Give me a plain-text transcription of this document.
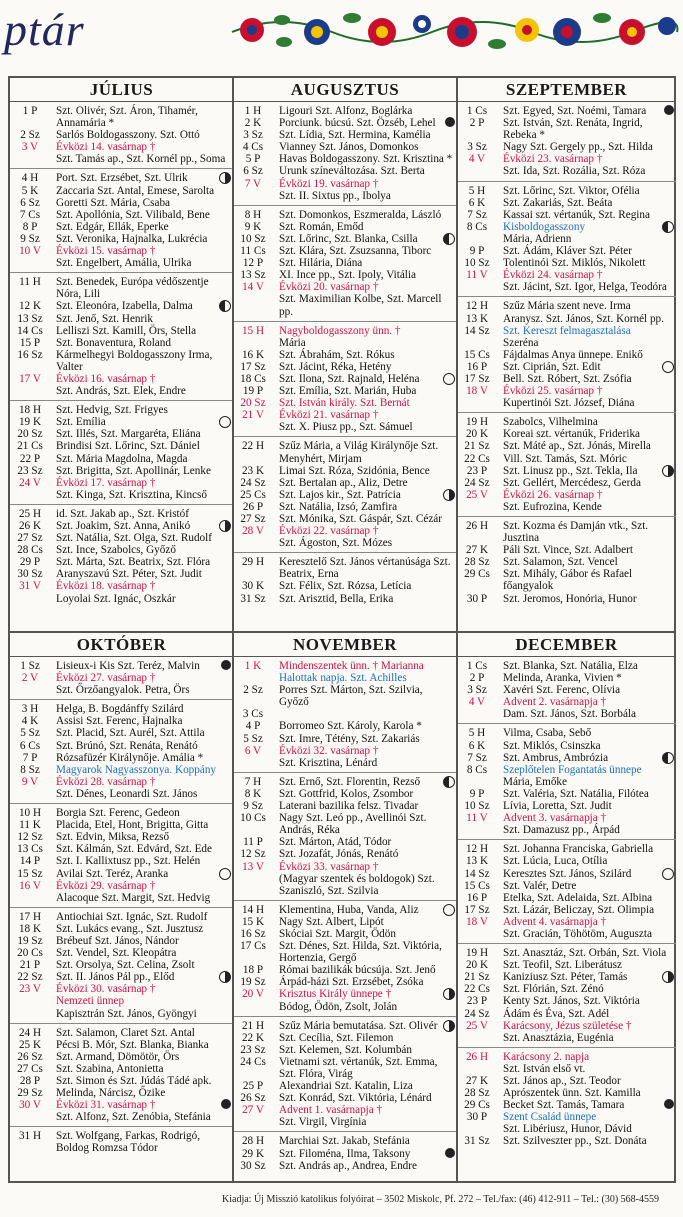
ptár
JÚLIUS
1 P	Szt. Olivér, Szt. Áron, Tihamér, Annamária *
2 Sz	Sarlós Boldogasszony. Szt. Ottó
3 V	Évközi 14. vasárnap †
Szt. Tamás ap., Szt. Kornél pp., Soma
4 H	Port. Szt. Erzsébet, Szt. Ulrik
5 K	Zaccaria Szt. Antal, Emese, Sarolta
6 Sz	Goretti Szt. Mária, Csaba
7 Cs	Szt. Apollónia, Szt. Vilibald, Bene
8 P	Szt. Edgár, Ellák, Eperke
9 Sz	Szt. Veronika, Hajnalka, Lukrécia
10 V	Évközi 15. vasárnap †
Szt. Engelbert, Amália, Ulrika
11 H	Szt. Benedek, Európa védőszentje Nóra, Lili
12 K	Szt. Eleonóra, Izabella, Dalma
13 Sz	Szt. Jenő, Szt. Henrik
14 Cs	Lelliszi Szt. Kamill, Örs, Stella
15 P	Szt. Bonaventura, Roland
16 Sz	Kármelhegyi Boldogasszony Irma, Valter
17 V	Évközi 16. vasárnap †
Szt. András, Szt. Elek, Endre
18 H	Szt. Hedvig, Szt. Frigyes
19 K	Szt. Emília
20 Sz	Szt. Illés, Szt. Margaréta, Eliána
21 Cs	Brindisi Szt. Lőrinc, Szt. Dániel
22 P	Szt. Mária Magdolna, Magda
23 Sz	Szt. Brigitta, Szt. Apollinár, Lenke
24 V	Évközi 17. vasárnap †
Szt. Kinga, Szt. Krisztina, Kincső
25 H	id. Szt. Jakab ap., Szt. Kristóf
26 K	Szt. Joakim, Szt. Anna, Anikó
27 Sz	Szt. Natália, Szt. Olga, Szt. Rudolf
28 Cs	Szt. Ince, Szabolcs, Győző
29 P	Szt. Márta, Szt. Beatrix, Szt. Flóra
30 Sz	Aranyszavú Szt. Péter, Szt. Judit
31 V	Évközi 18. vasárnap †
Loyolai Szt. Ignác, Oszkár
AUGUSZTUS
1 H	Ligouri Szt. Alfonz, Boglárka
2 K	Porciunk. búcsú. Szt. Özséb, Lehel
3 Sz	Szt. Lídia, Szt. Hermina, Kamélia
4 Cs	Vianney Szt. János, Domonkos
5 P	Havas Boldogasszony. Szt. Krisztina *
6 Sz	Urunk színeváltozása. Szt. Berta
7 V	Évközi 19. vasárnap †
Szt. II. Sixtus pp., Ibolya
8 H	Szt. Domonkos, Eszmeralda, László
9 K	Szt. Román, Emőd
10 Sz	Szt. Lőrinc, Szt. Blanka, Csilla
11 Cs	Szt. Klára, Szt. Zsuzsanna, Tiborc
12 P	Szt. Hilária, Diána
13 Sz	XI. Ince pp., Szt. Ipoly, Vitália
14 V	Évközi 20. vasárnap †
Szt. Maximilian Kolbe, Szt. Marcell pp.
15 H	Nagyboldogasszony ünn. †
Mária
16 K	Szt. Ábrahám, Szt. Rókus
17 Sz	Szt. Jácint, Réka, Hetény
18 Cs	Szt. Ilona, Szt. Rajnald, Heléna
19 P	Szt. Emília, Szt. Marián, Huba
20 Sz	Szt. István király. Szt. Bernát
21 V	Évközi 21. vasárnap †
Szt. X. Piusz pp., Szt. Sámuel
22 H	Szűz Mária, a Világ Királynője Szt. Menyhért, Mirjam
23 K	Limai Szt. Róza, Szidónia, Bence
24 Sz	Szt. Bertalan ap., Aliz, Detre
25 Cs	Szt. Lajos kir., Szt. Patrícia
26 P	Szt. Natália, Izsó, Zamfira
27 Sz	Szt. Mónika, Szt. Gáspár, Szt. Cézár
28 V	Évközi 22. vasárnap †
Szt. Ágoston, Szt. Mózes
29 H	Keresztelő Szt. János vértanúsága Szt. Beatrix, Erna
30 K	Szt. Félix, Szt. Rózsa, Letícia
31 Sz	Szt. Arisztid, Bella, Erika
SZEPTEMBER
1 Cs	Szt. Egyed, Szt. Noémi, Tamara
2 P	Szt. István, Szt. Renáta, Ingrid, Rebeka *
3 Sz	Nagy Szt. Gergely pp., Szt. Hilda
4 V	Évközi 23. vasárnap †
Szt. Ida, Szt. Rozália, Szt. Róza
5 H	Szt. Lőrinc, Szt. Viktor, Ofélia
6 K	Szt. Zakariás, Szt. Beáta
7 Sz	Kassai szt. vértanúk, Szt. Regina
8 Cs	Kisboldogasszony
Mária, Adrienn
9 P	Szt. Ádám, Kláver Szt. Péter
10 Sz	Tolentinói Szt. Miklós, Nikolett
11 V	Évközi 24. vasárnap †
Szt. Jácint, Szt. Igor, Helga, Teodóra
12 H	Szűz Mária szent neve. Irma
13 K	Aranysz. Szt. János, Szt. Kornél pp.
14 Sz	Szt. Kereszt felmagasztalása
Szeréna
15 Cs	Fájdalmas Anya ünnepe. Enikő
16 P	Szt. Ciprián, Szt. Edit
17 Sz	Bell. Szt. Róbert, Szt. Zsófia
18 V	Évközi 25. vasárnap †
Kupertinói Szt. József, Diána
19 H	Szabolcs, Vilhelmina
20 K	Koreai szt. vértanúk, Friderika
21 Sz	Szt. Máté ap., Szt. Jónás, Mirella
22 Cs	Vill. Szt. Tamás, Szt. Móric
23 P	Szt. Linusz pp., Szt. Tekla, Ila
24 Sz	Szt. Gellért, Mercédesz, Gerda
25 V	Évközi 26. vasárnap †
Szt. Eufrozina, Kende
26 H	Szt. Kozma és Damján vtk., Szt. Jusztina
27 K	Páli Szt. Vince, Szt. Adalbert
28 Sz	Szt. Salamon, Szt. Vencel
29 Cs	Szt. Mihály, Gábor és Rafael főangyalok
30 P	Szt. Jeromos, Honória, Hunor
OKTÓBER
1 Sz	Lisieux-i Kis Szt. Teréz, Malvin
2 V	Évközi 27. vasárnap †
Szt. Őrzőangyalok. Petra, Örs
3 H	Helga, B. Bogdánffy Szilárd
4 K	Assisi Szt. Ferenc, Hajnalka
5 Sz	Szt. Placid, Szt. Aurél, Szt. Attila
6 Cs	Szt. Brúnó, Szt. Renáta, Renátó
7 P	Rózsafüzér Királynője. Amália *
8 Sz	Magyarok Nagyasszonya. Koppány
9 V	Évközi 28. vasárnap †
Szt. Dénes, Leonardi Szt. János
10 H	Borgia Szt. Ferenc, Gedeon
11 K	Placida, Etel, Hont, Brigitta, Gitta
12 Sz	Szt. Edvin, Miksa, Rezső
13 Cs	Szt. Kálmán, Szt. Edvárd, Szt. Ede
14 P	Szt. I. Kallixtusz pp., Szt. Helén
15 Sz	Avilai Szt. Teréz, Aranka
16 V	Évközi 29. vasárnap †
Alacoque Szt. Margit, Szt. Hedvig
17 H	Antiochiai Szt. Ignác, Szt. Rudolf
18 K	Szt. Lukács evang., Szt. Jusztusz
19 Sz	Brébeuf Szt. János, Nándor
20 Cs	Szt. Vendel, Szt. Kleopátra
21 P	Szt. Orsolya, Szt. Celina, Zsolt
22 Sz	Szt. II. János Pál pp., Előd
23 V	Évközi 30. vasárnap †
Nemzeti ünnep
Kapisztrán Szt. János, Gyöngyi
24 H	Szt. Salamon, Claret Szt. Antal
25 K	Pécsi B. Mór, Szt. Blanka, Bianka
26 Sz	Szt. Armand, Dömötör, Örs
27 Cs	Szt. Szabina, Antonietta
28 P	Szt. Simon és Szt. Júdás Tádé apk.
29 Sz	Melinda, Nárcisz, Őzike
30 V	Évközi 31. vasárnap †
Szt. Alfonz, Szt. Zenóbia, Stefánia
31 H	Szt. Wolfgang, Farkas, Rodrigó, Boldog Romzsa Tódor
NOVEMBER
1 K	Mindenszentek ünn. † Marianna
Halottak napja. Szt. Achilles
2 Sz	Porres Szt. Márton, Szt. Szilvia, Győző
3 Cs
4 P	Borromeo Szt. Károly, Karola *
5 Sz	Szt. Imre, Tétény, Szt. Zakariás
6 V	Évközi 32. vasárnap †
Szt. Krisztina, Lénárd
7 H	Szt. Ernő, Szt. Florentin, Rezső
8 K	Szt. Gottfrid, Kolos, Zsombor
9 Sz	Laterani bazilika felsz. Tivadar
10 Cs	Nagy Szt. Leó pp., Avellinói Szt. András, Réka
11 P	Szt. Márton, Atád, Tódor
12 Sz	Szt. Jozafát, Jónás, Renátó
13 V	Évközi 33. vasárnap †
(Magyar szentek és boldogok) Szt. Szaniszló, Szt. Szilvia
14 H	Klementina, Huba, Vanda, Aliz
15 K	Nagy Szt. Albert, Lipót
16 Sz	Skóciai Szt. Margit, Ödön
17 Cs	Szt. Dénes, Szt. Hilda, Szt. Viktória, Hortenzia, Gergő
18 P	Római bazilikák búcsúja. Szt. Jenő
19 Sz	Árpád-házi Szt. Erzsébet, Zsóka
20 V	Krisztus Király ünnepe †
Bódog, Ödön, Zsolt, Jolán
21 H	Szűz Mária bemutatása. Szt. Olivér
22 K	Szt. Cecília, Szt. Filemon
23 Sz	Szt. Kelemen, Szt. Kolumbán
24 Cs	Vietnami szt. vértanúk, Szt. Emma, Szt. Flóra, Virág
25 P	Alexandriai Szt. Katalin, Liza
26 Sz	Szt. Konrád, Szt. Viktória, Lénárd
27 V	Advent 1. vasárnapja †
Szt. Virgil, Virgínia
28 H	Marchiai Szt. Jakab, Stefánia
29 K	Szt. Filoména, Ilma, Taksony
30 Sz	Szt. András ap., Andrea, Endre
DECEMBER
1 Cs	Szt. Blanka, Szt. Natália, Elza
2 P	Melinda, Aranka, Vivien *
3 Sz	Xavéri Szt. Ferenc, Olívia
4 V	Advent 2. vasárnapja †
Dam. Szt. János, Szt. Borbála
5 H	Vilma, Csaba, Sebő
6 K	Szt. Miklós, Csinszka
7 Sz	Szt. Ambrus, Ambrózia
8 Cs	Szeplőtelen Fogantatás ünnepe
Mária, Emőke
9 P	Szt. Valéria, Szt. Natália, Filótea
10 Sz	Lívia, Loretta, Szt. Judit
11 V	Advent 3. vasárnapja †
Szt. Damazusz pp., Árpád
12 H	Szt. Johanna Franciska, Gabriella
13 K	Szt. Lúcia, Luca, Otília
14 Sz	Keresztes Szt. János, Szilárd
15 Cs	Szt. Valér, Detre
16 P	Etelka, Szt. Adelaida, Szt. Albina
17 Sz	Szt. Lázár, Beliczay, Szt. Olimpia
18 V	Advent 4. vasárnapja †
Szt. Gracián, Töhötöm, Auguszta
19 H	Szt. Anasztáz, Szt. Orbán, Szt. Viola
20 K	Szt. Teofil, Szt. Liberátusz
21 Sz	Kaniziusz Szt. Péter, Tamás
22 Cs	Szt. Flórián, Szt. Zénó
23 P	Kenty Szt. János, Szt. Viktória
24 Sz	Ádám és Éva, Szt. Adél
25 V	Karácsony, Jézus születése †
Szt. Anasztázia, Eugénia
26 H	Karácsony 2. napja
Szt. István első vt.
27 K	Szt. János ap., Szt. Teodor
28 Sz	Aprószentek ünn. Szt. Kamilla
29 Cs	Becket Szt. Tamás, Tamara
30 P	Szent Család ünnepe
Szt. Libériusz, Hunor, Dávid
31 Sz	Szt. Szilveszter pp., Szt. Donáta
Kiadja: Új Misszió katolikus folyóirat – 3502 Miskolc, Pf. 272 – Tel./fax: (46) 412-911 – Tel.: (30) 568-4559
